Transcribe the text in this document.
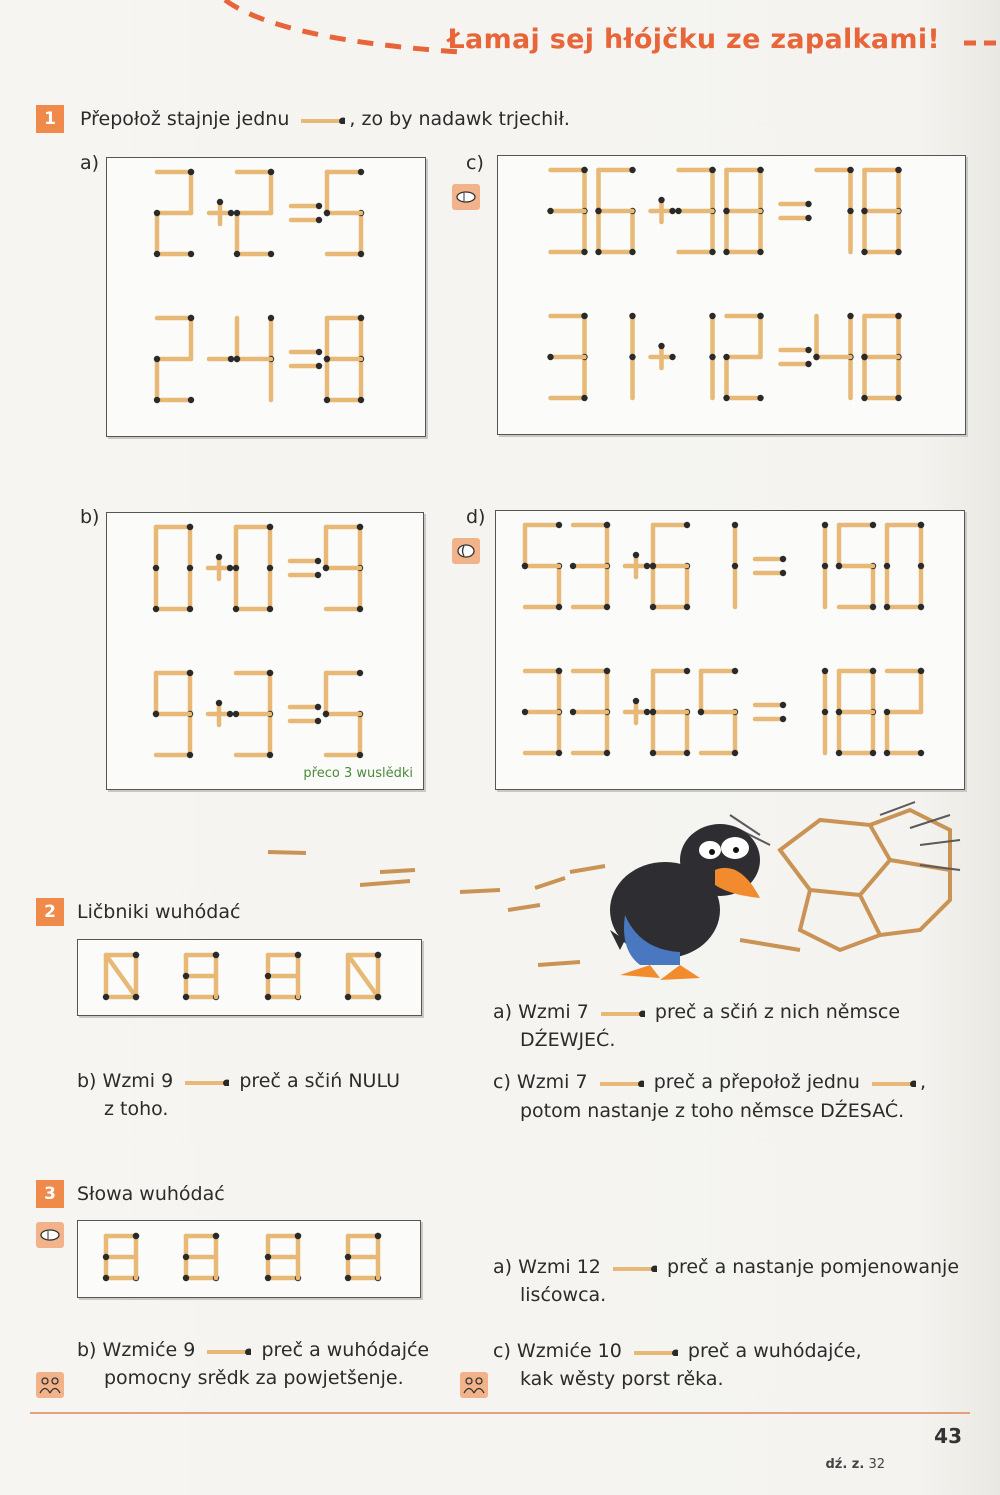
Łamaj sej hłójčku ze zapalkami!
1	Přepołož stajnje jednu	, zo by nadawk trjechił.
a)	c)
b)	d)
přeco 3 wuslědki
2	Ličbniki wuhódać
a) Wzmi 7	preč a sčiń z nich němsce
DŹEWJEĆ.
b) Wzmi 9	preč a sčiń NULU
z toho.
c) Wzmi 7	preč a přepołož jednu	,
potom nastanje z toho němsce DŹESAĆ.
3	Słowa wuhódać
a) Wzmi 12	preč a nastanje pomjenowanje
lisćowca.
b) Wzmiće 9	preč a wuhódajće
pomocny srědk za powjetšenje.
c) Wzmiće 10	preč a wuhódajće,
kak wěsty porst rěka.
43
dź. z. 32
